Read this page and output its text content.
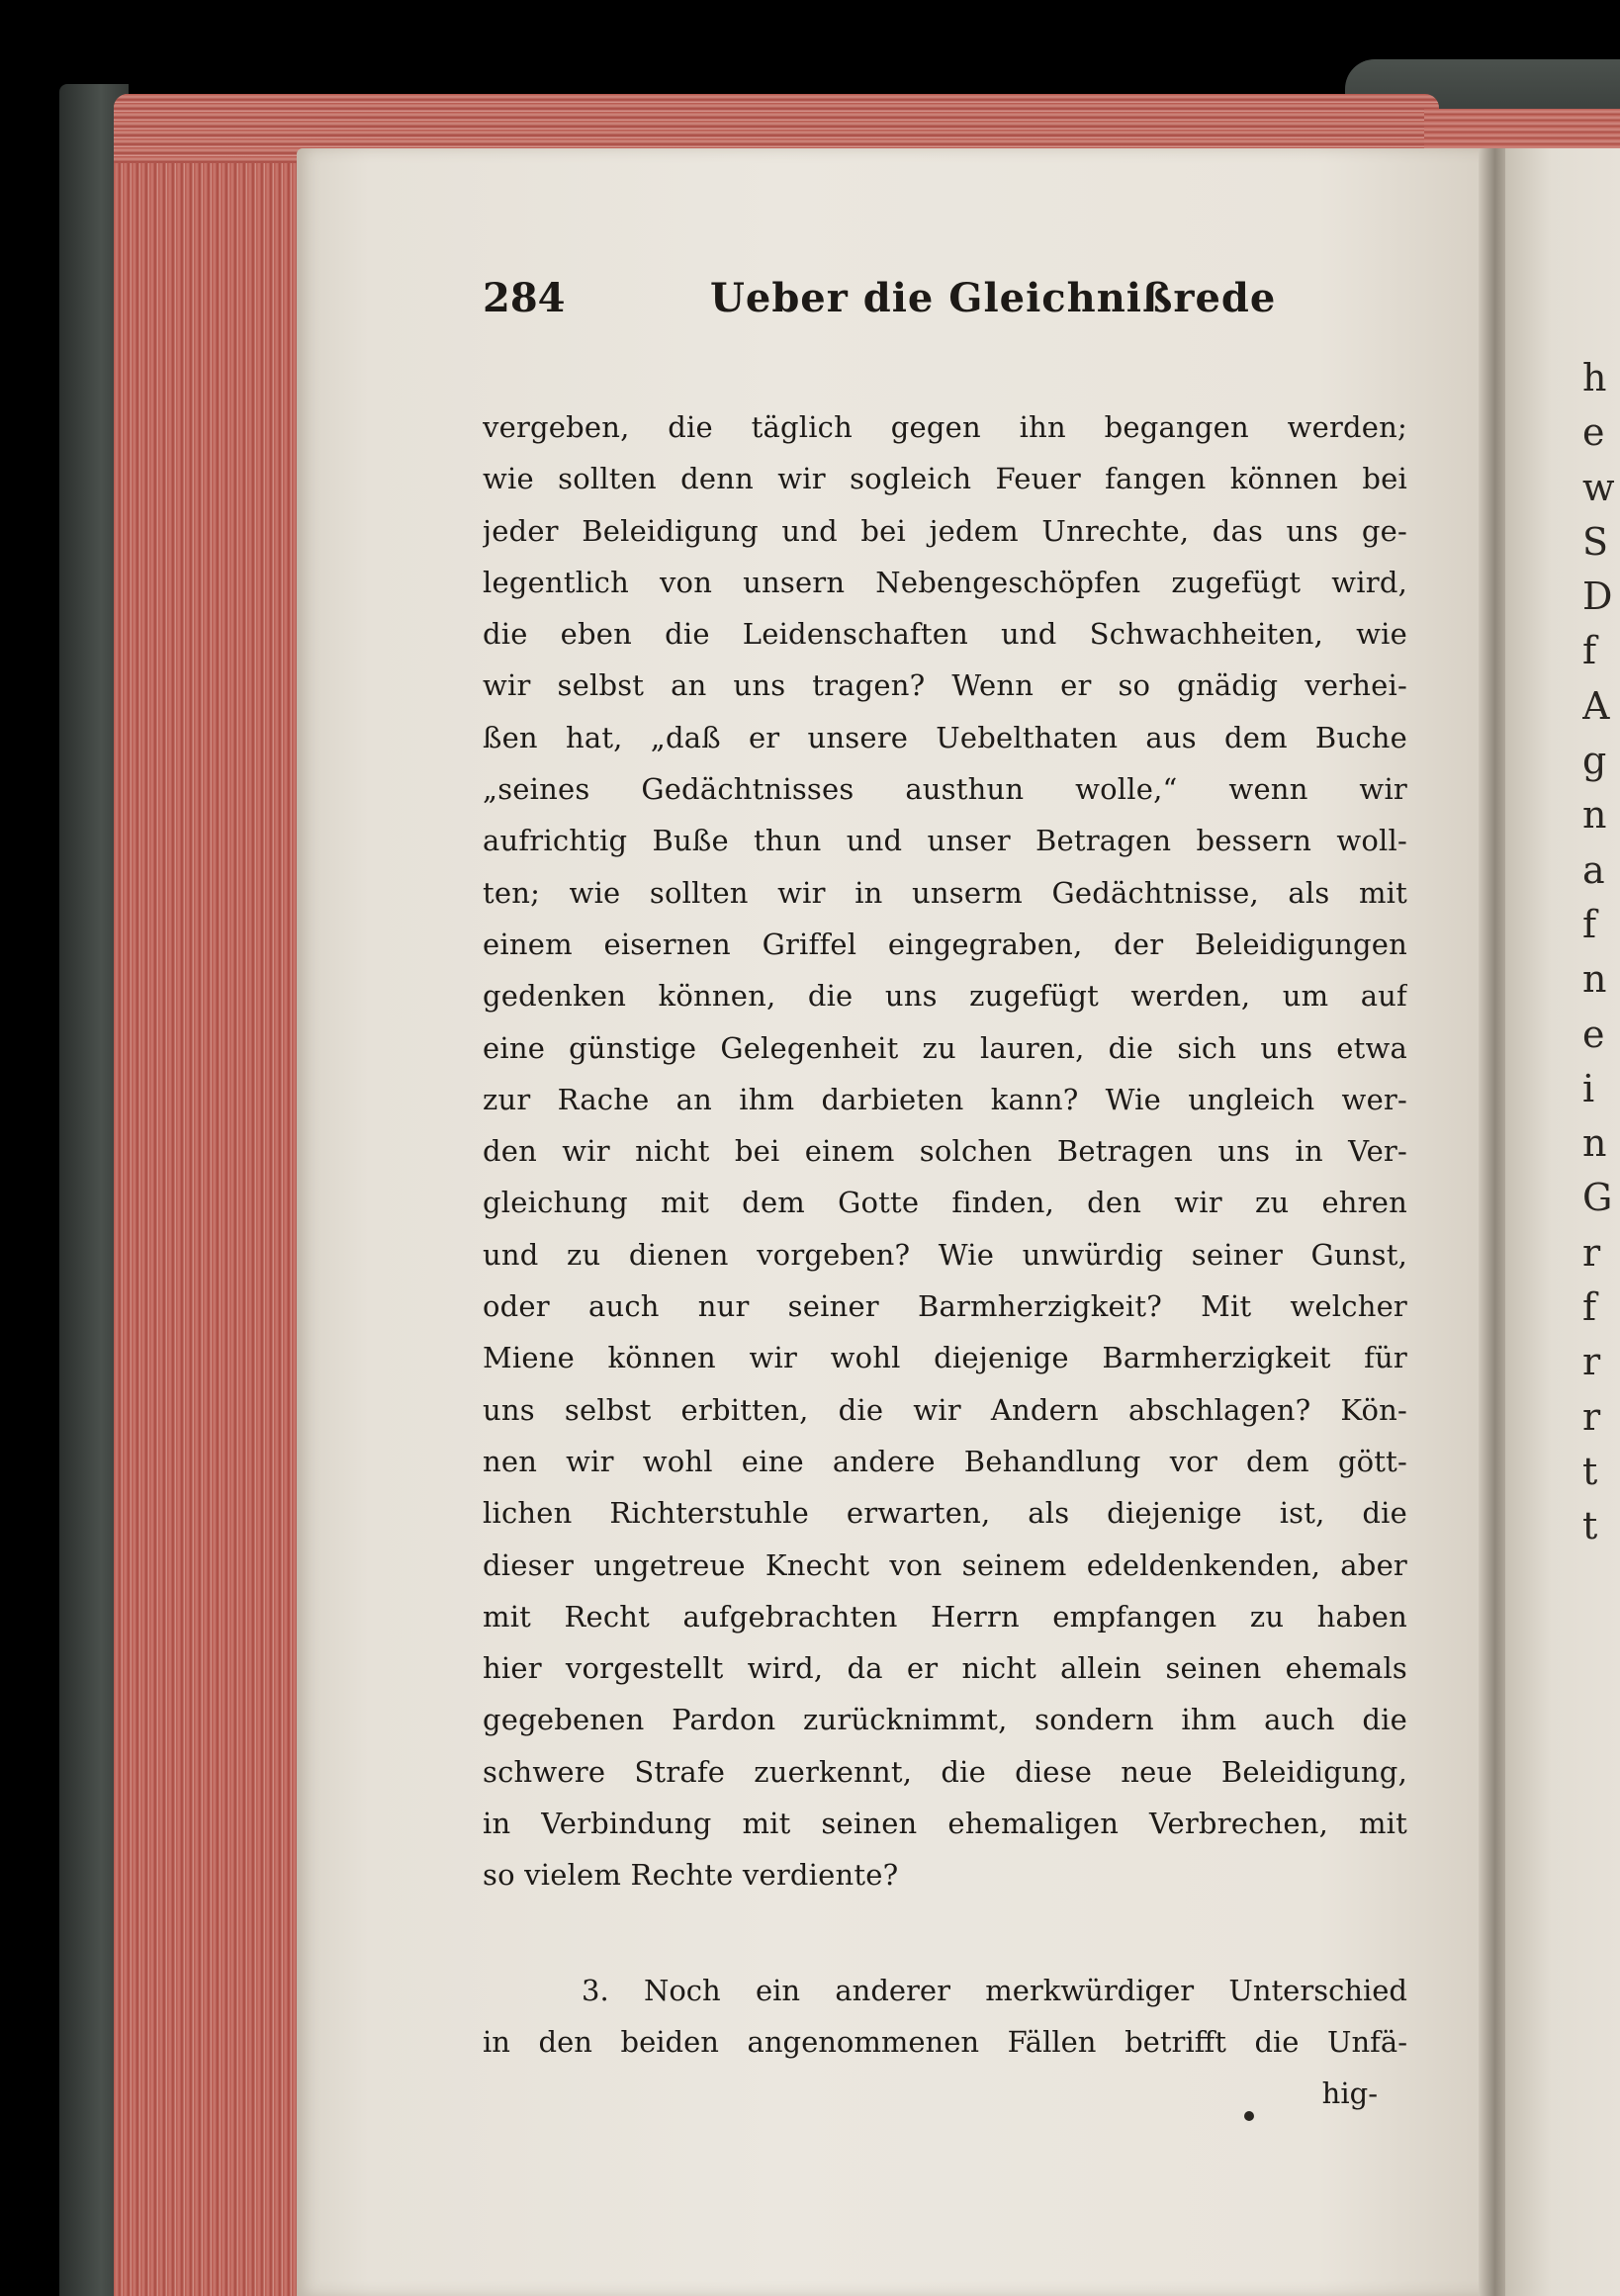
h
e
w
S
D
f
A
g
n
a
f
n
e
i
n
G
r
f
r
r
t
t
284	Ueber die Gleichnißrede
vergeben, die täglich gegen ihn begangen werden;
wie sollten denn wir sogleich Feuer fangen können bei
jeder Beleidigung und bei jedem Unrechte, das uns ge-
legentlich von unsern Nebengeschöpfen zugefügt wird,
die eben die Leidenschaften und Schwachheiten, wie
wir selbst an uns tragen? Wenn er so gnädig verhei-
ßen hat, „daß er unsere Uebelthaten aus dem Buche
„seines Gedächtnisses austhun wolle,“ wenn wir
aufrichtig Buße thun und unser Betragen bessern woll-
ten; wie sollten wir in unserm Gedächtnisse, als mit
einem eisernen Griffel eingegraben, der Beleidigungen
gedenken können, die uns zugefügt werden, um auf
eine günstige Gelegenheit zu lauren, die sich uns etwa
zur Rache an ihm darbieten kann? Wie ungleich wer-
den wir nicht bei einem solchen Betragen uns in Ver-
gleichung mit dem Gotte finden, den wir zu ehren
und zu dienen vorgeben? Wie unwürdig seiner Gunst,
oder auch nur seiner Barmherzigkeit? Mit welcher
Miene können wir wohl diejenige Barmherzigkeit für
uns selbst erbitten, die wir Andern abschlagen? Kön-
nen wir wohl eine andere Behandlung vor dem gött-
lichen Richterstuhle erwarten, als diejenige ist, die
dieser ungetreue Knecht von seinem edeldenkenden, aber
mit Recht aufgebrachten Herrn empfangen zu haben
hier vorgestellt wird, da er nicht allein seinen ehemals
gegebenen Pardon zurücknimmt, sondern ihm auch die
schwere Strafe zuerkennt, die diese neue Beleidigung,
in Verbindung mit seinen ehemaligen Verbrechen, mit
so vielem Rechte verdiente?
3. Noch ein anderer merkwürdiger Unterschied
in den beiden angenommenen Fällen betrifft die Unfä-
hig-
